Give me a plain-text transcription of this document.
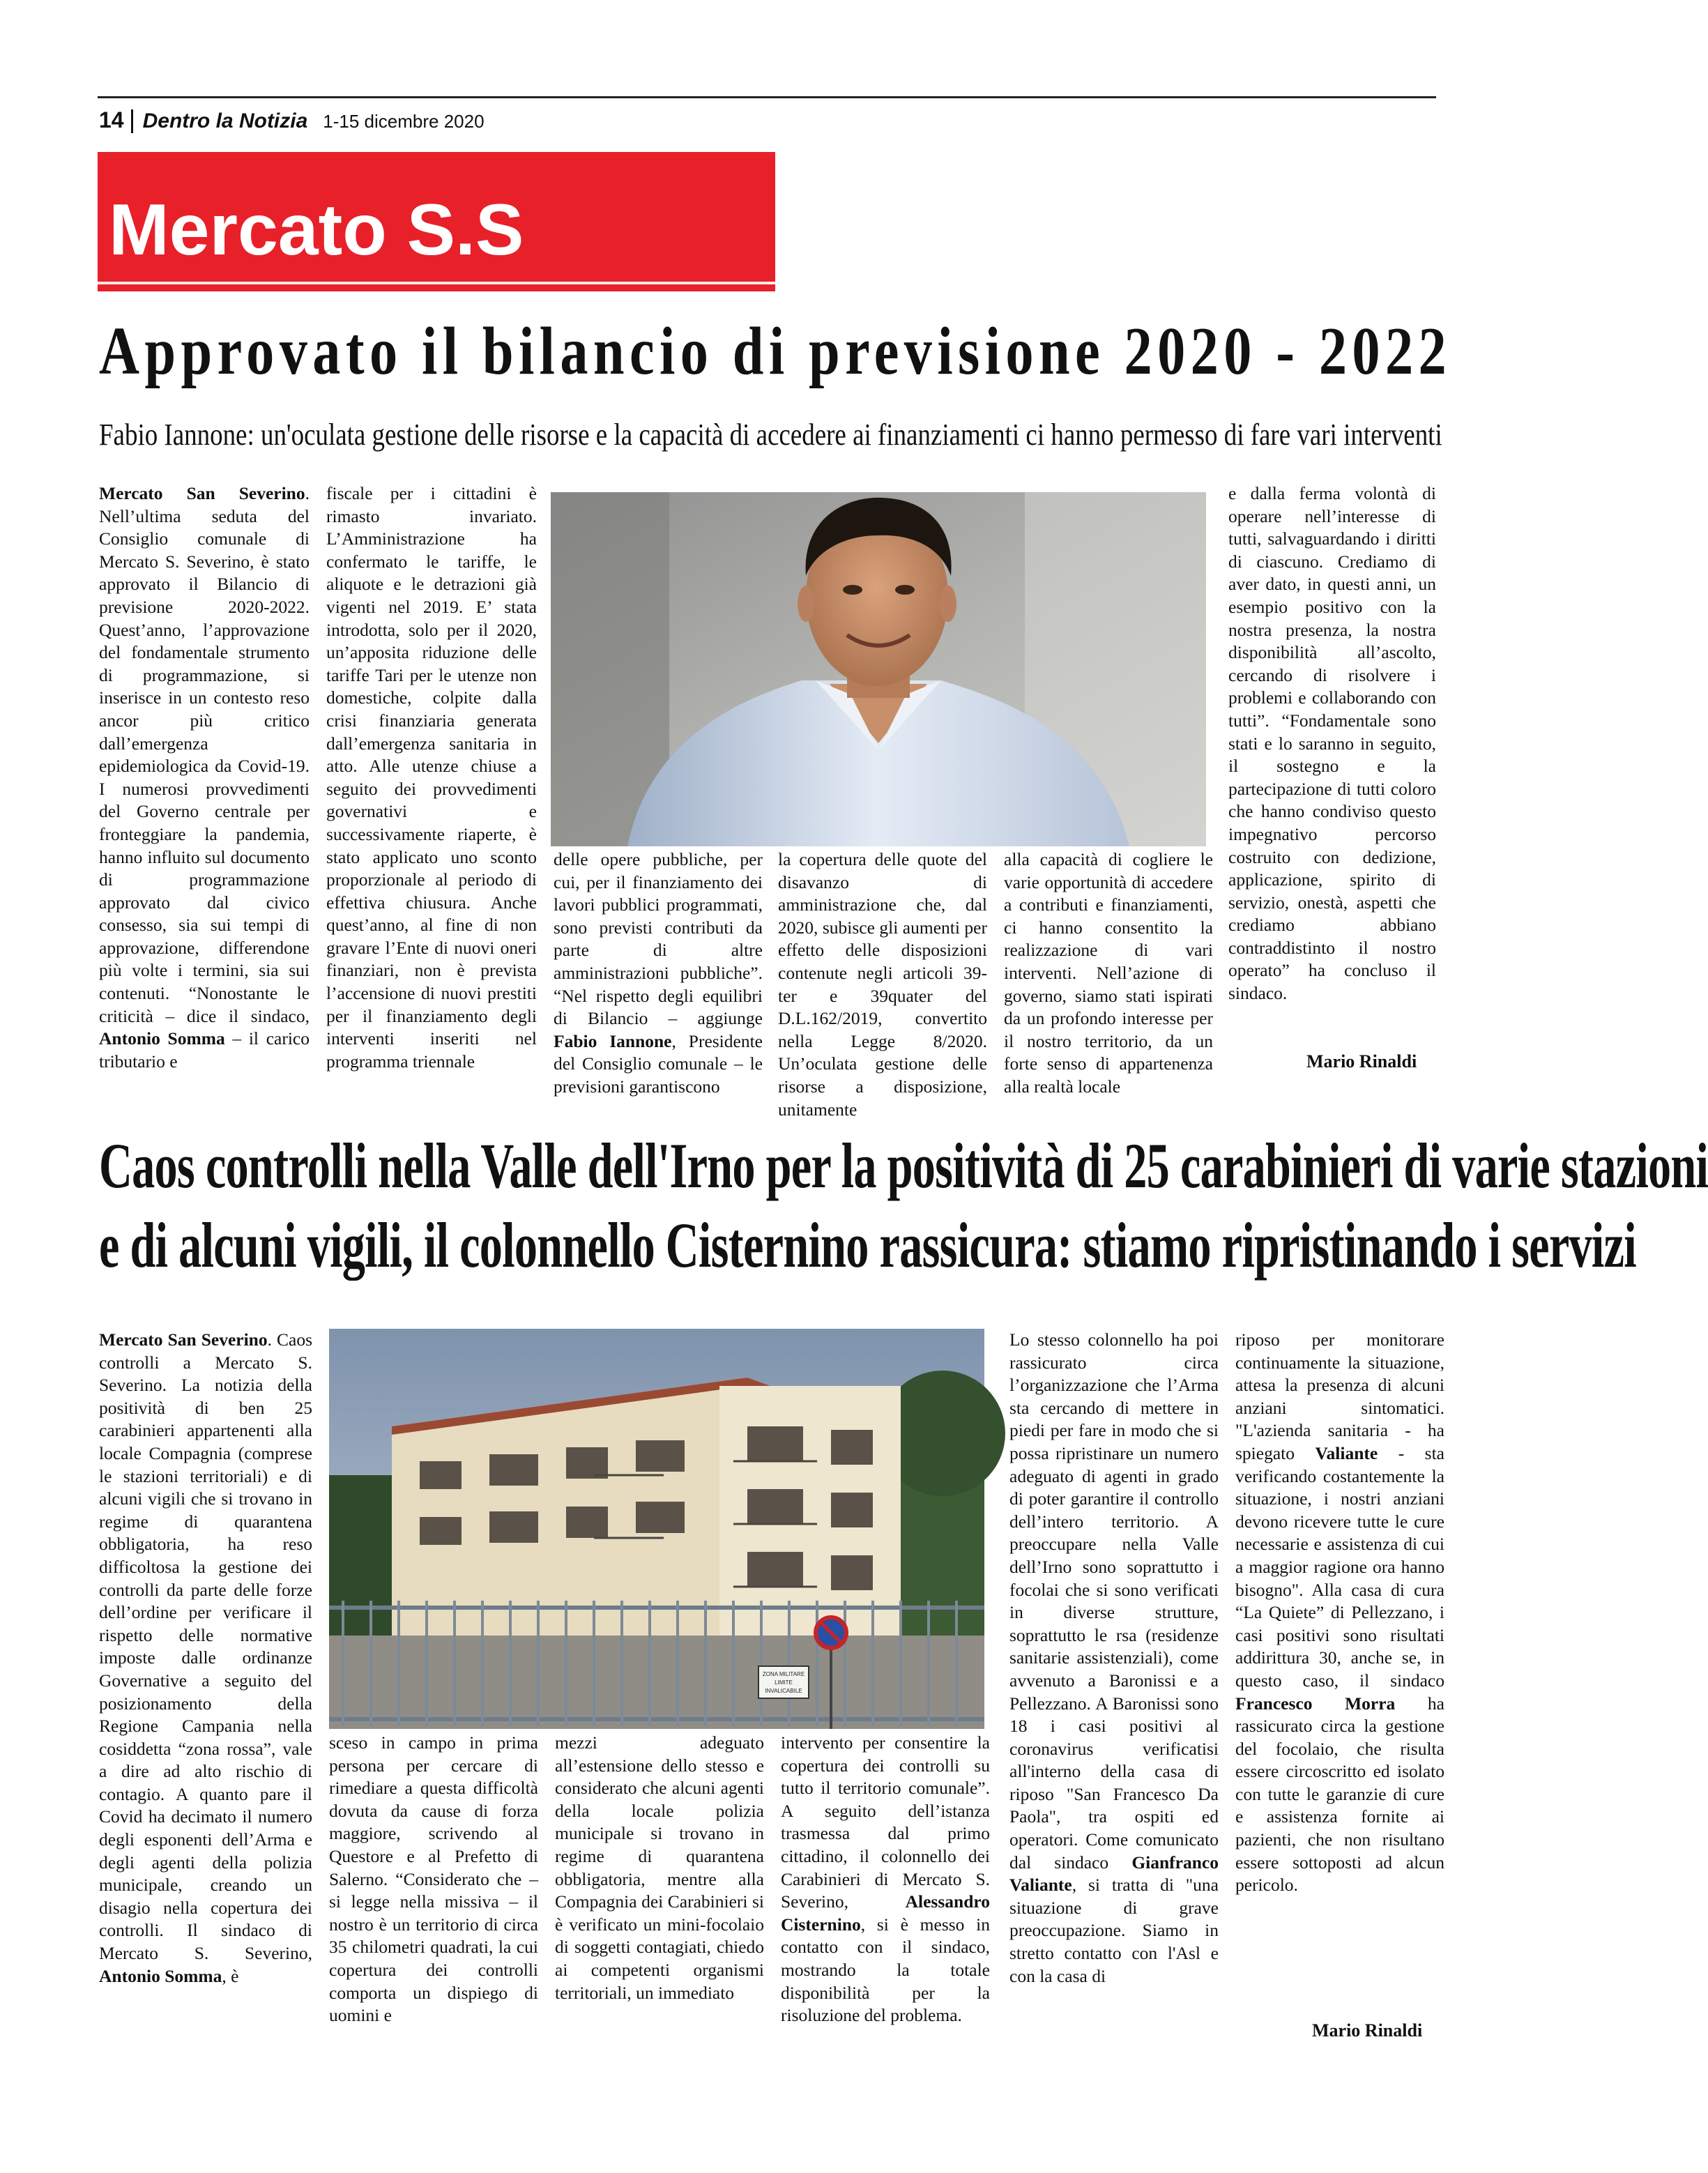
14 Dentro la Notizia 1-15 dicembre 2020
Mercato S.S
Approvato il bilancio di previsione 2020 - 2022
Fabio Iannone: un'oculata gestione delle risorse e la capacità di accedere ai finanziamenti ci hanno permesso di fare vari interventi

Mercato San Severino. Nell’ultima seduta del Consiglio comunale di Mercato S. Severino, è stato approvato il Bilancio di previsione 2020-2022. Quest’anno, l’approvazione del fondamentale strumento di programmazione, si inserisce in un contesto reso ancor più critico dall’emergenza epidemiologica da Covid-19. I numerosi provvedimenti del Governo centrale per fronteggiare la pandemia, hanno influito sul documento di programmazione approvato dal civico consesso, sia sui tempi di approvazione, differendone più volte i termini, sia sui contenuti. “Nonostante le criticità – dice il sindaco, Antonio Somma – il carico tributario e

fiscale per i cittadini è rimasto invariato. L’Amministrazione ha confermato le tariffe, le aliquote e le detrazioni già vigenti nel 2019. E’ stata introdotta, solo per il 2020, un’apposita riduzione delle tariffe Tari per le utenze non domestiche, colpite dalla crisi finanziaria generata dall’emergenza sanitaria in atto. Alle utenze chiuse a seguito dei provvedimenti governativi e successivamente riaperte, è stato applicato uno sconto proporzionale al periodo di effettiva chiusura. Anche quest’anno, al fine di non gravare l’Ente di nuovi oneri finanziari, non è prevista l’accensione di nuovi prestiti per il finanziamento degli interventi inseriti nel programma triennale

delle opere pubbliche, per cui, per il finanziamento dei lavori pubblici programmati, sono previsti contributi da parte di altre amministrazioni pubbliche”. “Nel rispetto degli equilibri di Bilancio – aggiunge Fabio Iannone, Presidente del Consiglio comunale – le previsioni garantiscono

la copertura delle quote del disavanzo di amministrazione che, dal 2020, subisce gli aumenti per effetto delle disposizioni contenute negli articoli 39-ter e 39quater del D.L.162/2019, convertito nella Legge 8/2020. Un’oculata gestione delle risorse a disposizione, unitamente

alla capacità di cogliere le varie opportunità di accedere a contributi e finanziamenti, ci hanno consentito la realizzazione di vari interventi. Nell’azione di governo, siamo stati ispirati da un profondo interesse per il nostro territorio, da un forte senso di appartenenza alla realtà locale

e dalla ferma volontà di operare nell’interesse di tutti, salvaguardando i diritti di ciascuno. Crediamo di aver dato, in questi anni, un esempio positivo con la nostra presenza, la nostra disponibilità all’ascolto, cercando di risolvere i problemi e collaborando con tutti”. “Fondamentale sono stati e lo saranno in seguito, il sostegno e la partecipazione di tutti coloro che hanno condiviso questo impegnativo percorso costruito con dedizione, applicazione, spirito di servizio, onestà, aspetti che crediamo abbiano contraddistinto il nostro operato” ha concluso il sindaco.

Mario Rinaldi
Caos controlli nella Valle dell'Irno per la positività di 25 carabinieri di varie stazioni
e di alcuni vigili, il colonnello Cisternino rassicura: stiamo ripristinando i servizi

Mercato San Severino. Caos controlli a Mercato S. Severino. La notizia della positività di ben 25 carabinieri appartenenti alla locale Compagnia (comprese le stazioni territoriali) e di alcuni vigili che si trovano in regime di quarantena obbligatoria, ha reso difficoltosa la gestione dei controlli da parte delle forze dell’ordine per verificare il rispetto delle normative imposte dalle ordinanze Governative a seguito del posizionamento della Regione Campania nella cosiddetta “zona rossa”, vale a dire ad alto rischio di contagio. A quanto pare il Covid ha decimato il numero degli esponenti dell’Arma e degli agenti della polizia municipale, creando un disagio nella copertura dei controlli. Il sindaco di Mercato S. Severino, Antonio Somma, è

ZONA MILITARE
LIMITE
INVALICABILE

sceso in campo in prima persona per cercare di rimediare a questa difficoltà dovuta da cause di forza maggiore, scrivendo al Questore e al Prefetto di Salerno. “Considerato che – si legge nella missiva – il nostro è un territorio di circa 35 chilometri quadrati, la cui copertura dei controlli comporta un dispiego di uomini e

mezzi adeguato all’estensione dello stesso e considerato che alcuni agenti della locale polizia municipale si trovano in regime di quarantena obbligatoria, mentre alla Compagnia dei Carabinieri si è verificato un mini-focolaio di soggetti contagiati, chiedo ai competenti organismi territoriali, un immediato

intervento per consentire la copertura dei controlli su tutto il territorio comunale”. A seguito dell’istanza trasmessa dal primo cittadino, il colonnello dei Carabinieri di Mercato S. Severino, Alessandro Cisternino, si è messo in contatto con il sindaco, mostrando la totale disponibilità per la risoluzione del problema.

Lo stesso colonnello ha poi rassicurato circa l’organizzazione che l’Arma sta cercando di mettere in piedi per fare in modo che si possa ripristinare un numero adeguato di agenti in grado di poter garantire il controllo dell’intero territorio. A preoccupare nella Valle dell’Irno sono soprattutto i focolai che si sono verificati in diverse strutture, soprattutto le rsa (residenze sanitarie assistenziali), come avvenuto a Baronissi e a Pellezzano. A Baronissi sono 18 i casi positivi al coronavirus verificatisi all'interno della casa di riposo "San Francesco Da Paola", tra ospiti ed operatori. Come comunicato dal sindaco Gianfranco Valiante, si tratta di "una situazione di grave preoccupazione. Siamo in stretto contatto con l'Asl e con la casa di

riposo per monitorare continuamente la situazione, attesa la presenza di alcuni anziani sintomatici. "L'azienda sanitaria - ha spiegato Valiante - sta verificando costantemente la situazione, i nostri anziani devono ricevere tutte le cure necessarie e assistenza di cui a maggior ragione ora hanno bisogno". Alla casa di cura “La Quiete” di Pellezzano, i casi positivi sono risultati addirittura 30, anche se, in questo caso, il sindaco Francesco Morra ha rassicurato circa la gestione del focolaio, che risulta essere circoscritto ed isolato con tutte le garanzie di cure e assistenza fornite ai pazienti, che non risultano essere sottoposti ad alcun pericolo.

Mario Rinaldi
